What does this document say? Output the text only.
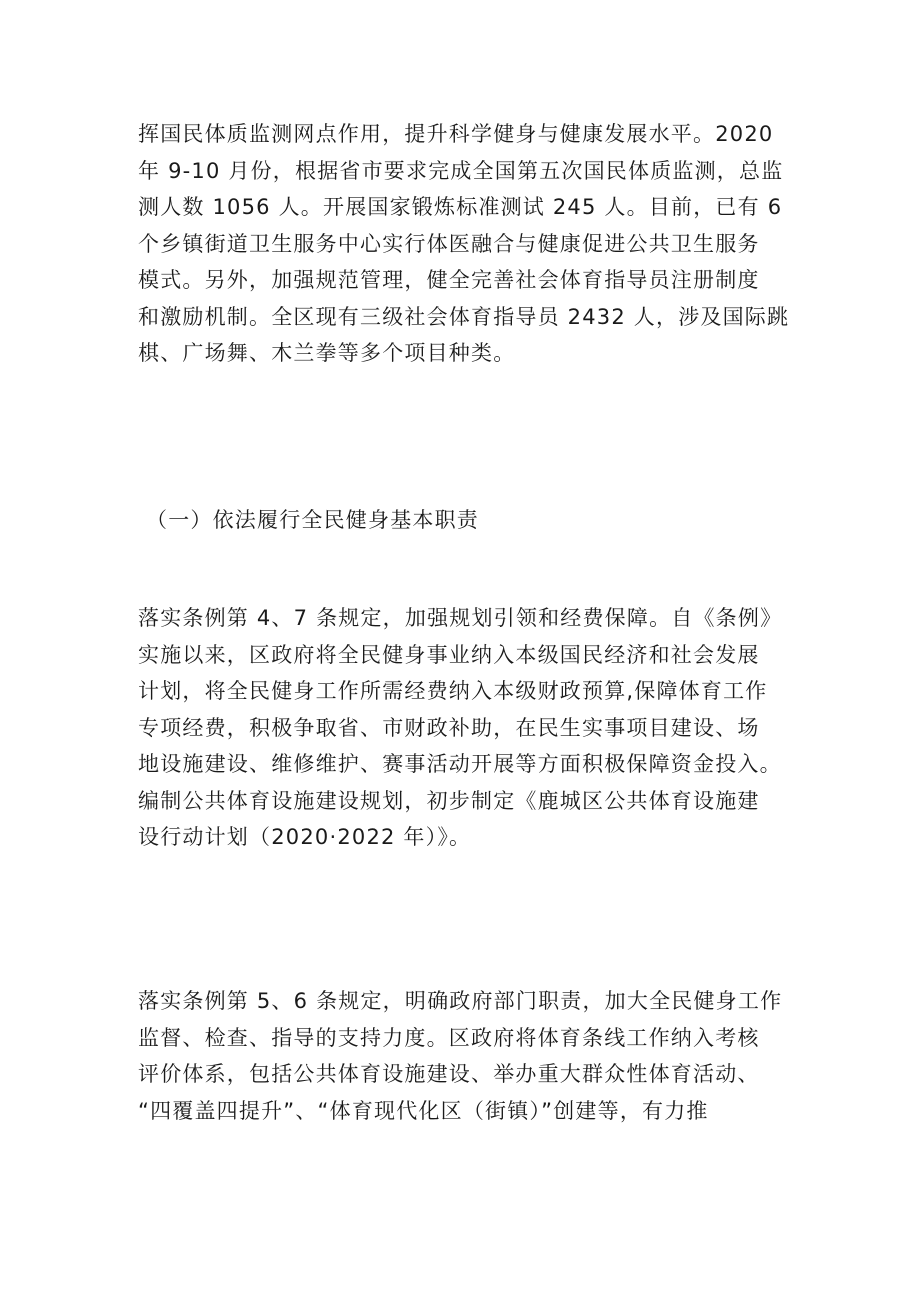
挥国民体质监测网点作用，提升科学健身与健康发展水平。2020
年 9-10 月份，根据省市要求完成全国第五次国民体质监测，总监
测人数 1056 人。开展国家锻炼标准测试 245 人。目前，已有 6
个乡镇街道卫生服务中心实行体医融合与健康促进公共卫生服务
模式。另外，加强规范管理，健全完善社会体育指导员注册制度
和激励机制。全区现有三级社会体育指导员 2432 人，涉及国际跳
棋、广场舞、木兰拳等多个项目种类。
（一）依法履行全民健身基本职责
落实条例第 4、7 条规定，加强规划引领和经费保障。自《条例》
实施以来，区政府将全民健身事业纳入本级国民经济和社会发展
计划，将全民健身工作所需经费纳入本级财政预算,保障体育工作
专项经费，积极争取省、市财政补助，在民生实事项目建设、场
地设施建设、维修维护、赛事活动开展等方面积极保障资金投入。
编制公共体育设施建设规划，初步制定《鹿城区公共体育设施建
设行动计划（2020·2022 年）》。
落实条例第 5、6 条规定，明确政府部门职责，加大全民健身工作
监督、检查、指导的支持力度。区政府将体育条线工作纳入考核
评价体系，包括公共体育设施建设、举办重大群众性体育活动、
“四覆盖四提升”、“体育现代化区（街镇）”创建等，有力推
